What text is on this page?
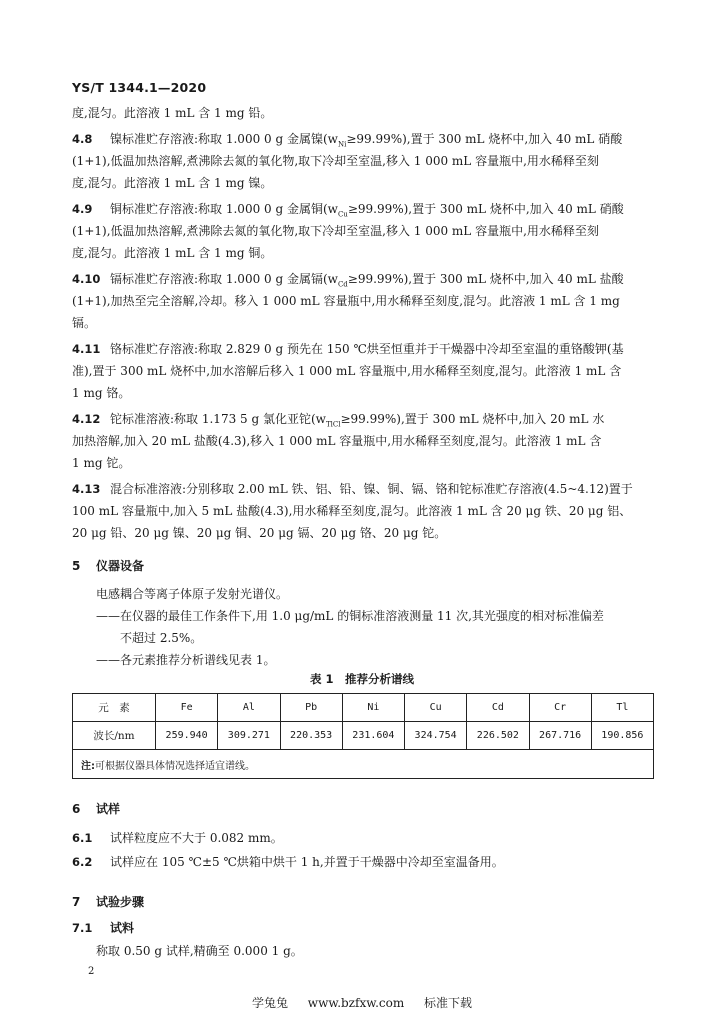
YS/T 1344.1—2020
度,混匀。此溶液 1 mL 含 1 mg 铅。
4.8 镍标准贮存溶液:称取 1.000 0 g 金属镍$(w_{Ni}\ge 99.99\%)$,置于 300 mL 烧杯中,加入 40 mL 硝酸
(1+1),低温加热溶解,煮沸除去氮的氧化物,取下冷却至室温,移入 1 000 mL 容量瓶中,用水稀释至刻
度,混匀。此溶液 1 mL 含 1 mg 镍。
4.9 铜标准贮存溶液:称取 1.000 0 g 金属铜$(w_{Cu}\ge 99.99\%)$,置于 300 mL 烧杯中,加入 40 mL 硝酸
(1+1),低温加热溶解,煮沸除去氮的氧化物,取下冷却至室温,移入 1 000 mL 容量瓶中,用水稀释至刻
度,混匀。此溶液 1 mL 含 1 mg 铜。
4.10 镉标准贮存溶液:称取 1.000 0 g 金属镉$(w_{Cd}\ge 99.99\%)$,置于 300 mL 烧杯中,加入 40 mL 盐酸
(1+1),加热至完全溶解,冷却。移入 1 000 mL 容量瓶中,用水稀释至刻度,混匀。此溶液 1 mL 含 1 mg
镉。
4.11 铬标准贮存溶液:称取 2.829 0 g 预先在 150 ℃烘至恒重并于干燥器中冷却至室温的重铬酸钾(基
准),置于 300 mL 烧杯中,加水溶解后移入 1 000 mL 容量瓶中,用水稀释至刻度,混匀。此溶液 1 mL 含
1 mg 铬。
4.12 铊标准溶液:称取 1.173 5 g 氯化亚铊$(w_{TlCl}\ge 99.99\%)$,置于 300 mL 烧杯中,加入 20 mL 水
加热溶解,加入 20 mL 盐酸(4.3),移入 1 000 mL 容量瓶中,用水稀释至刻度,混匀。此溶液 1 mL 含
1 mg 铊。
4.13 混合标准溶液:分别移取 2.00 mL 铁、铝、铅、镍、铜、镉、铬和铊标准贮存溶液(4.5~4.12)置于
100 mL 容量瓶中,加入 5 mL 盐酸(4.3),用水稀释至刻度,混匀。此溶液 1 mL 含 20 μg 铁、20 μg 铝、
20 μg 铅、20 μg 镍、20 μg 铜、20 μg 镉、20 μg 铬、20 μg 铊。
5 仪器设备
电感耦合等离子体原子发射光谱仪。
——在仪器的最佳工作条件下,用 1.0 μg/mL 的铜标准溶液测量 11 次,其光强度的相对标准偏差
不超过 2.5%。
——各元素推荐分析谱线见表 1。
表 1　推荐分析谱线
元　素	Fe	Al	Pb	Ni	Cu	Cd	Cr	Tl
波长/nm	259.940	309.271	220.353	231.604	324.754	226.502	267.716	190.856
注:可根据仪器具体情况选择适宜谱线。								
6 试样
6.1 试样粒度应不大于 0.082 mm。
6.2 试样应在 105 ℃±5 ℃烘箱中烘干 1 h,并置于干燥器中冷却至室温备用。
7 试验步骤
7.1 试料
称取 0.50 g 试样,精确至 0.000 1 g。
2
学兔兔 www.bzfxw.com 标准下载
